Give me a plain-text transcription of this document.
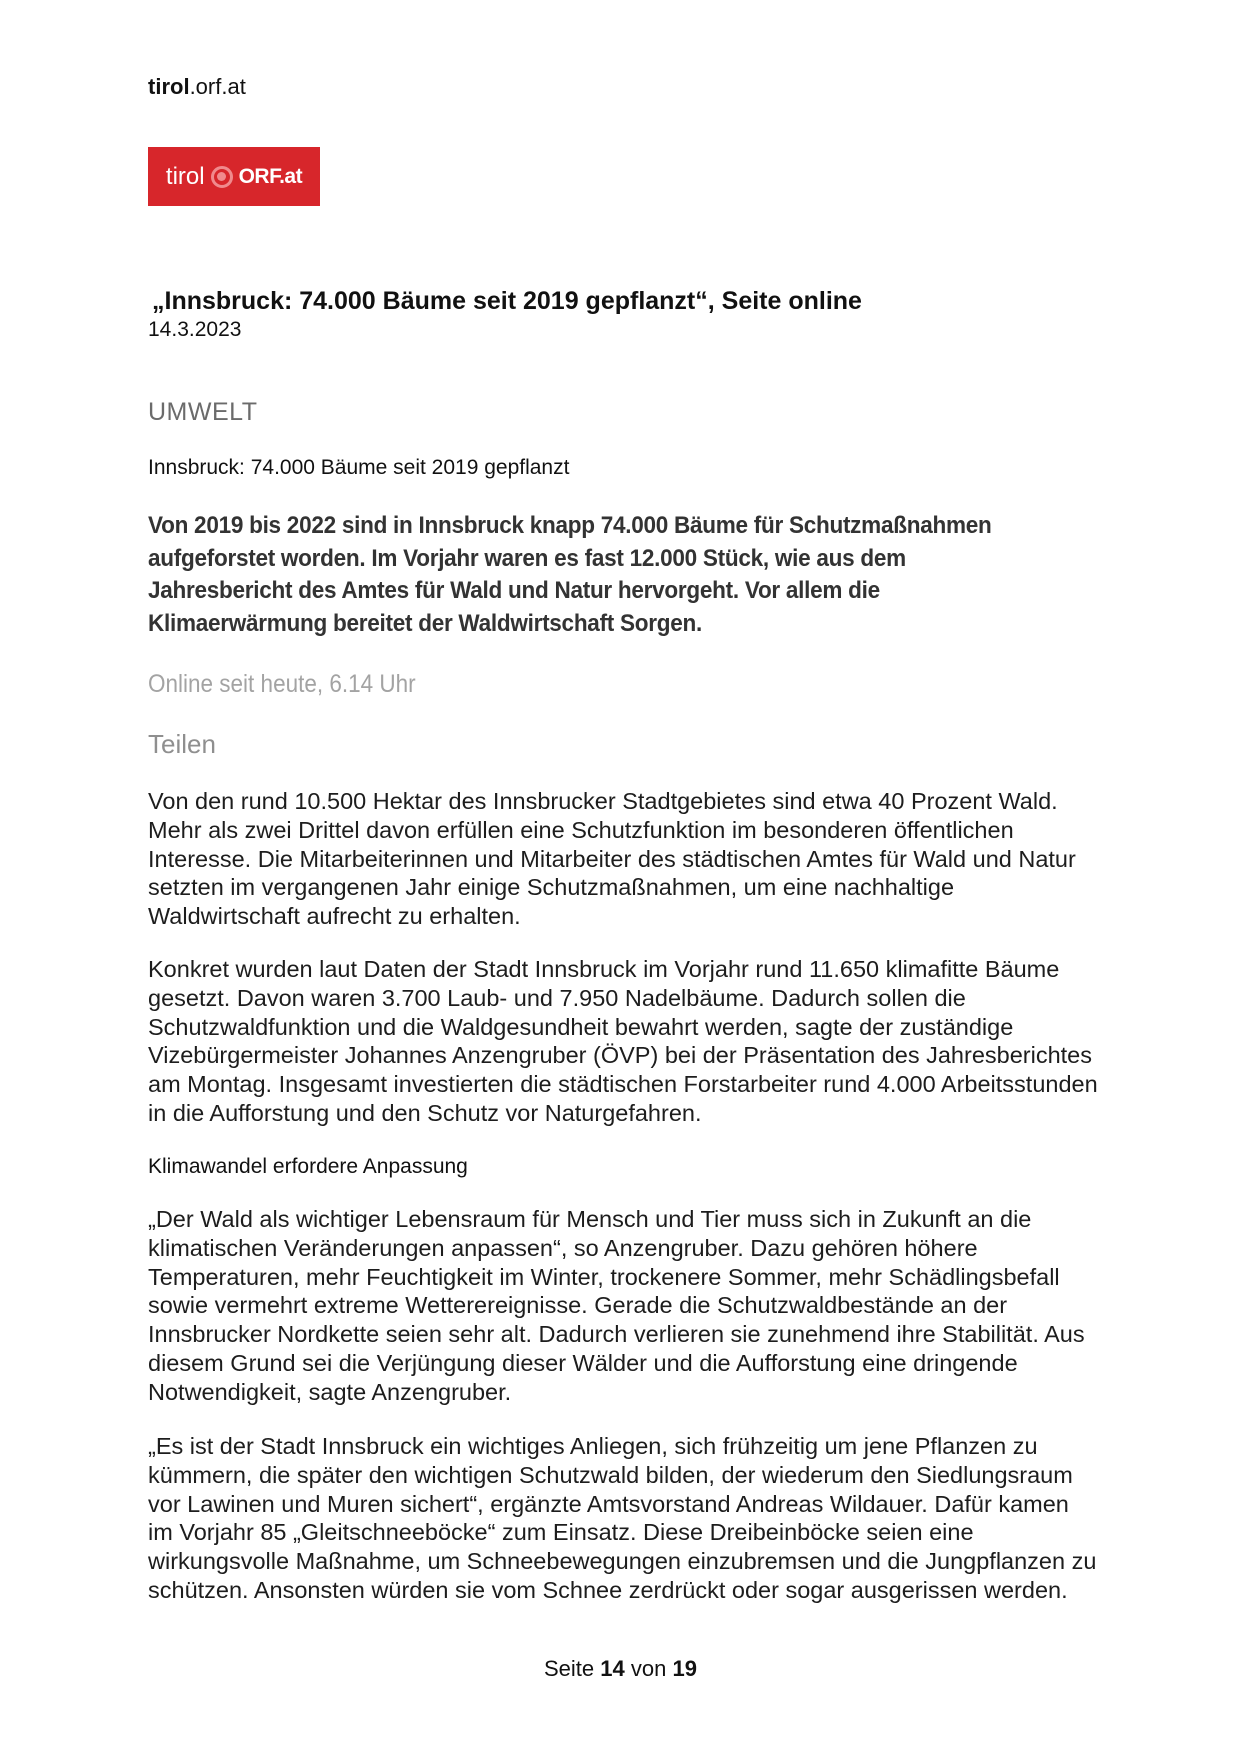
tirol.orf.at
tirol ORF.at
„Innsbruck: 74.000 Bäume seit 2019 gepflanzt“, Seite online
14.3.2023
UMWELT
Innsbruck: 74.000 Bäume seit 2019 gepflanzt
Von 2019 bis 2022 sind in Innsbruck knapp 74.000 Bäume für Schutzmaßnahmen aufgeforstet worden. Im Vorjahr waren es fast 12.000 Stück, wie aus dem Jahresbericht des Amtes für Wald und Natur hervorgeht. Vor allem die Klimaerwärmung bereitet der Waldwirtschaft Sorgen.
Online seit heute, 6.14 Uhr
Teilen

Von den rund 10.500 Hektar des Innsbrucker Stadtgebietes sind etwa 40 Prozent Wald. Mehr als zwei Drittel davon erfüllen eine Schutzfunktion im besonderen öffentlichen Interesse. Die Mitarbeiterinnen und Mitarbeiter des städtischen Amtes für Wald und Natur setzten im vergangenen Jahr einige Schutzmaßnahmen, um eine nachhaltige Waldwirtschaft aufrecht zu erhalten.

Konkret wurden laut Daten der Stadt Innsbruck im Vorjahr rund 11.650 klimafitte Bäume gesetzt. Davon waren 3.700 Laub- und 7.950 Nadelbäume. Dadurch sollen die Schutzwaldfunktion und die Waldgesundheit bewahrt werden, sagte der zuständige Vizebürgermeister Johannes Anzengruber (ÖVP) bei der Präsentation des Jahresberichtes am Montag. Insgesamt investierten die städtischen Forstarbeiter rund 4.000 Arbeitsstunden in die Aufforstung und den Schutz vor Naturgefahren.

Klimawandel erfordere Anpassung

„Der Wald als wichtiger Lebensraum für Mensch und Tier muss sich in Zukunft an die klimatischen Veränderungen anpassen“, so Anzengruber. Dazu gehören höhere Temperaturen, mehr Feuchtigkeit im Winter, trockenere Sommer, mehr Schädlingsbefall sowie vermehrt extreme Wetterereignisse. Gerade die Schutzwaldbestände an der Innsbrucker Nordkette seien sehr alt. Dadurch verlieren sie zunehmend ihre Stabilität. Aus diesem Grund sei die Verjüngung dieser Wälder und die Aufforstung eine dringende Notwendigkeit, sagte Anzengruber.

„Es ist der Stadt Innsbruck ein wichtiges Anliegen, sich frühzeitig um jene Pflanzen zu kümmern, die später den wichtigen Schutzwald bilden, der wiederum den Siedlungsraum vor Lawinen und Muren sichert“, ergänzte Amtsvorstand Andreas Wildauer. Dafür kamen im Vorjahr 85 „Gleitschneeböcke“ zum Einsatz. Diese Dreibeinböcke seien eine wirkungsvolle Maßnahme, um Schneebewegungen einzubremsen und die Jungpflanzen zu schützen. Ansonsten würden sie vom Schnee zerdrückt oder sogar ausgerissen werden.

Seite 14 von 19
